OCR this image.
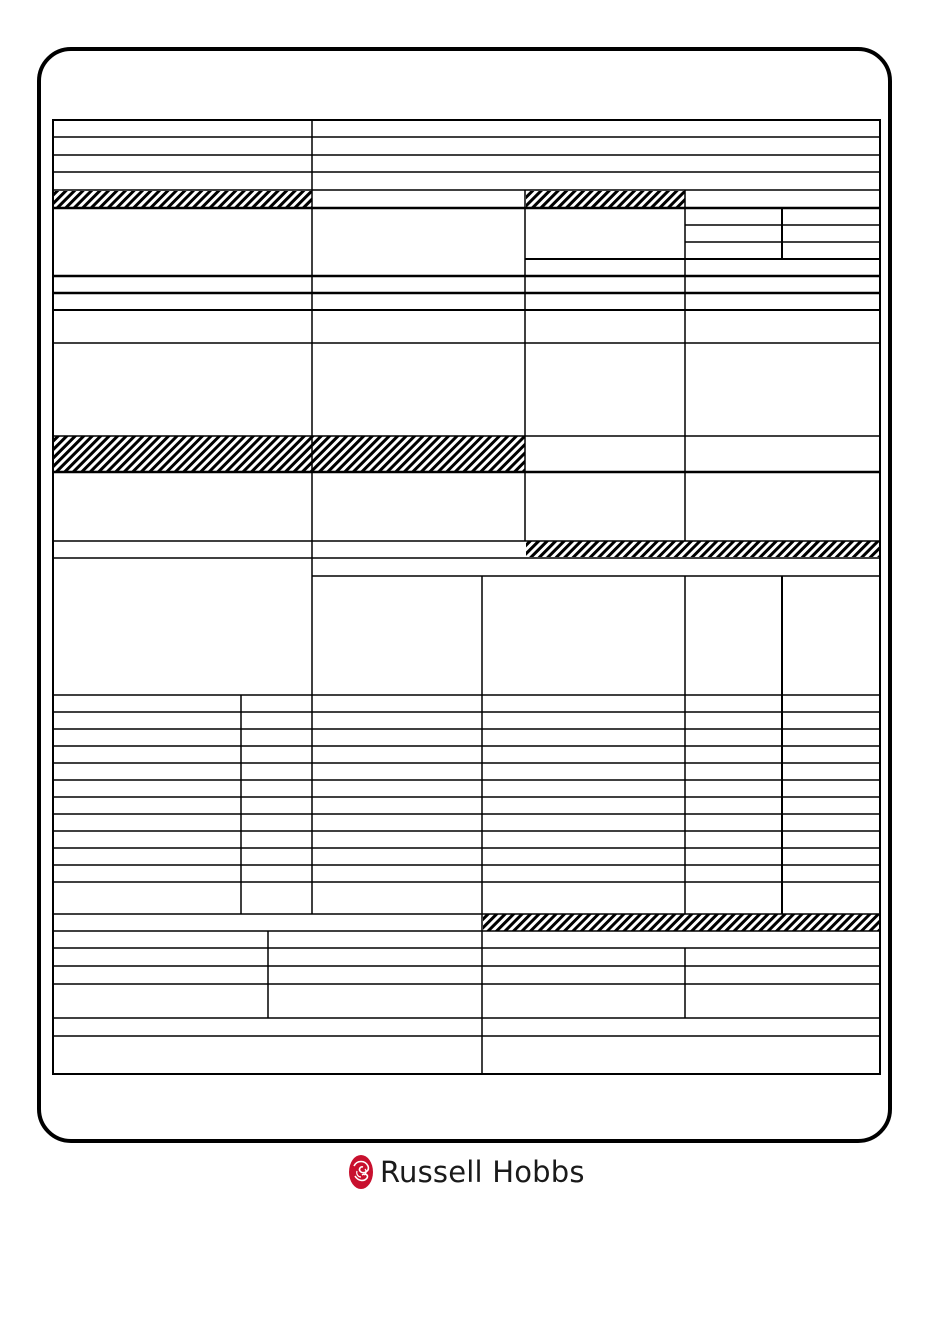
Russell Hobbs
